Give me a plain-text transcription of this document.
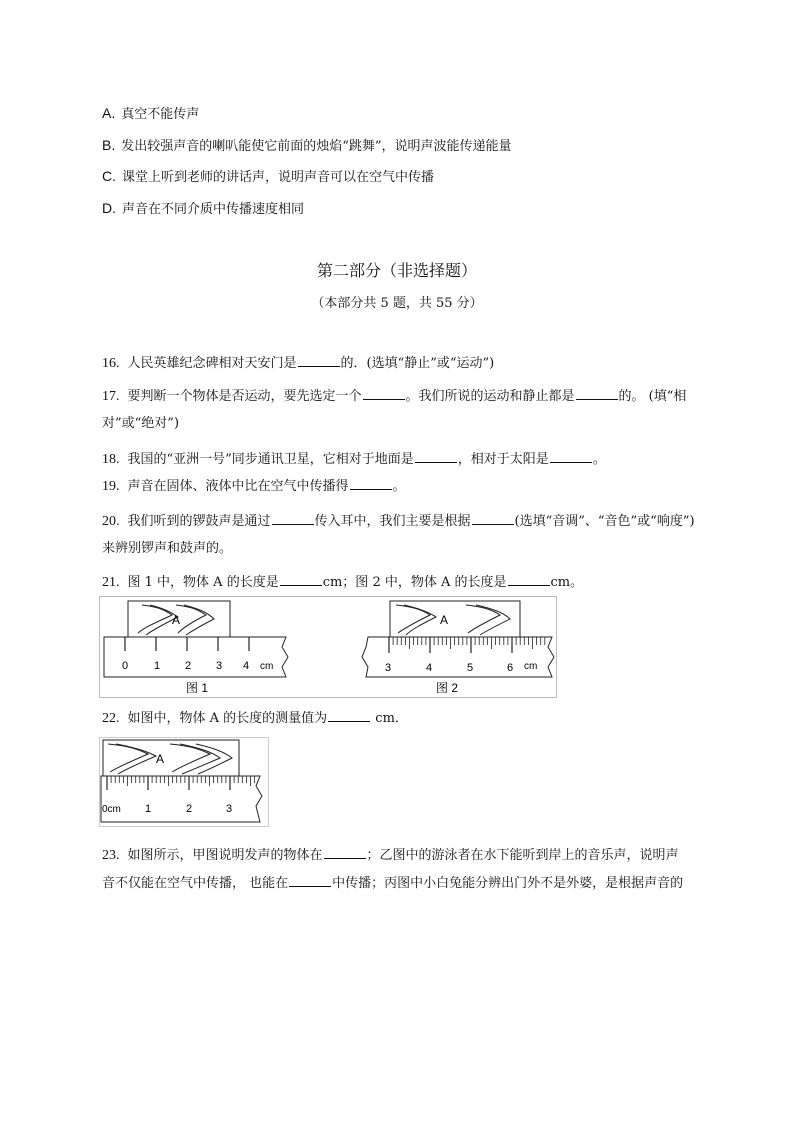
A. 真空不能传声
B. 发出较强声音的喇叭能使它前面的烛焰“跳舞”，说明声波能传递能量
C. 课堂上听到老师的讲话声，说明声音可以在空气中传播
D. 声音在不同介质中传播速度相同
第二部分（非选择题）
（本部分共 5 题，共 55 分）
16. 人民英雄纪念碑相对天安门是	的．(选填“静止”或“运动”)
17. 要判断一个物体是否运动，要先选定一个	。我们所说的运动和静止都是	的。 (填“相
对”或“绝对”)
18. 我国的“亚洲一号”同步通讯卫星，它相对于地面是	，相对于太阳是	。
19. 声音在固体、液体中比在空气中传播得	。
20. 我们听到的锣鼓声是通过	传入耳中，我们主要是根据	(选填“音调”、“音色”或“响度”)
来辨别锣声和鼓声的。
21. 图 1 中，物体 A 的长度是	cm；图 2 中，物体 A 的长度是	cm。
A
0 1 2 3 4 cm
图 1
A
3	4	5	6 cm
图 2
22. 如图中，物体 A 的长度的测量值为	cm．
A
0cm 1	2	3
23. 如图所示，甲图说明发声的物体在	；乙图中的游泳者在水下能听到岸上的音乐声，说明声
音不仅能在空气中传播， 也能在	中传播；丙图中小白兔能分辨出门外不是外婆，是根据声音的
